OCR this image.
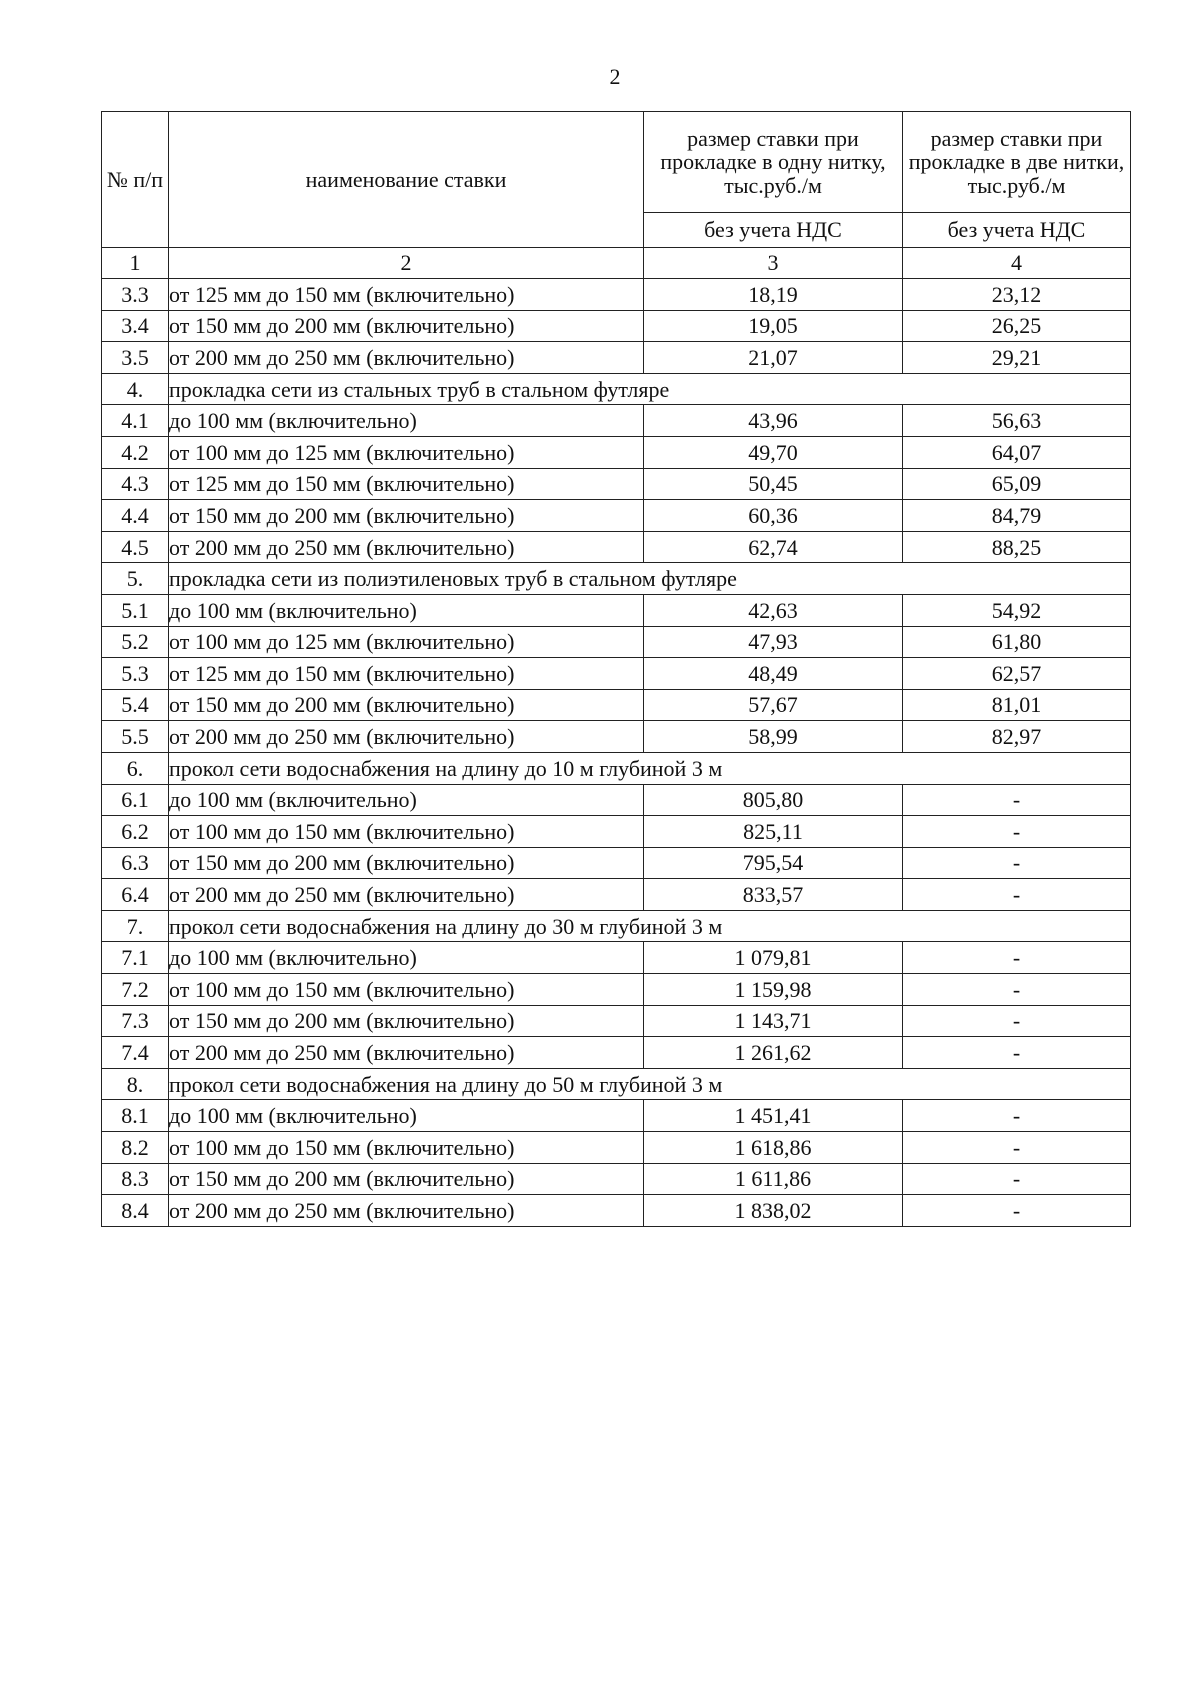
2
№ п/п	наименование ставки	размер ставки при прокладке в одну нитку, тыс.руб./м	размер ставки при прокладке в две нитки, тыс.руб./м
		без учета НДС	без учета НДС
1	2	3	4
3.3	от 125 мм до 150 мм (включительно)	18,19	23,12
3.4	от 150 мм до 200 мм (включительно)	19,05	26,25
3.5	от 200 мм до 250 мм (включительно)	21,07	29,21
4.	прокладка сети из стальных труб в стальном футляре		
4.1	до 100 мм (включительно)	43,96	56,63
4.2	от 100 мм до 125 мм (включительно)	49,70	64,07
4.3	от 125 мм до 150 мм (включительно)	50,45	65,09
4.4	от 150 мм до 200 мм (включительно)	60,36	84,79
4.5	от 200 мм до 250 мм (включительно)	62,74	88,25
5.	прокладка сети из полиэтиленовых труб в стальном футляре		
5.1	до 100 мм (включительно)	42,63	54,92
5.2	от 100 мм до 125 мм (включительно)	47,93	61,80
5.3	от 125 мм до 150 мм (включительно)	48,49	62,57
5.4	от 150 мм до 200 мм (включительно)	57,67	81,01
5.5	от 200 мм до 250 мм (включительно)	58,99	82,97
6.	прокол сети водоснабжения на длину до 10 м глубиной 3 м		
6.1	до 100 мм (включительно)	805,80	-
6.2	от 100 мм до 150 мм (включительно)	825,11	-
6.3	от 150 мм до 200 мм (включительно)	795,54	-
6.4	от 200 мм до 250 мм (включительно)	833,57	-
7.	прокол сети водоснабжения на длину до 30 м глубиной 3 м		
7.1	до 100 мм (включительно)	1 079,81	-
7.2	от 100 мм до 150 мм (включительно)	1 159,98	-
7.3	от 150 мм до 200 мм (включительно)	1 143,71	-
7.4	от 200 мм до 250 мм (включительно)	1 261,62	-
8.	прокол сети водоснабжения на длину до 50 м глубиной 3 м		
8.1	до 100 мм (включительно)	1 451,41	-
8.2	от 100 мм до 150 мм (включительно)	1 618,86	-
8.3	от 150 мм до 200 мм (включительно)	1 611,86	-
8.4	от 200 мм до 250 мм (включительно)	1 838,02	-
